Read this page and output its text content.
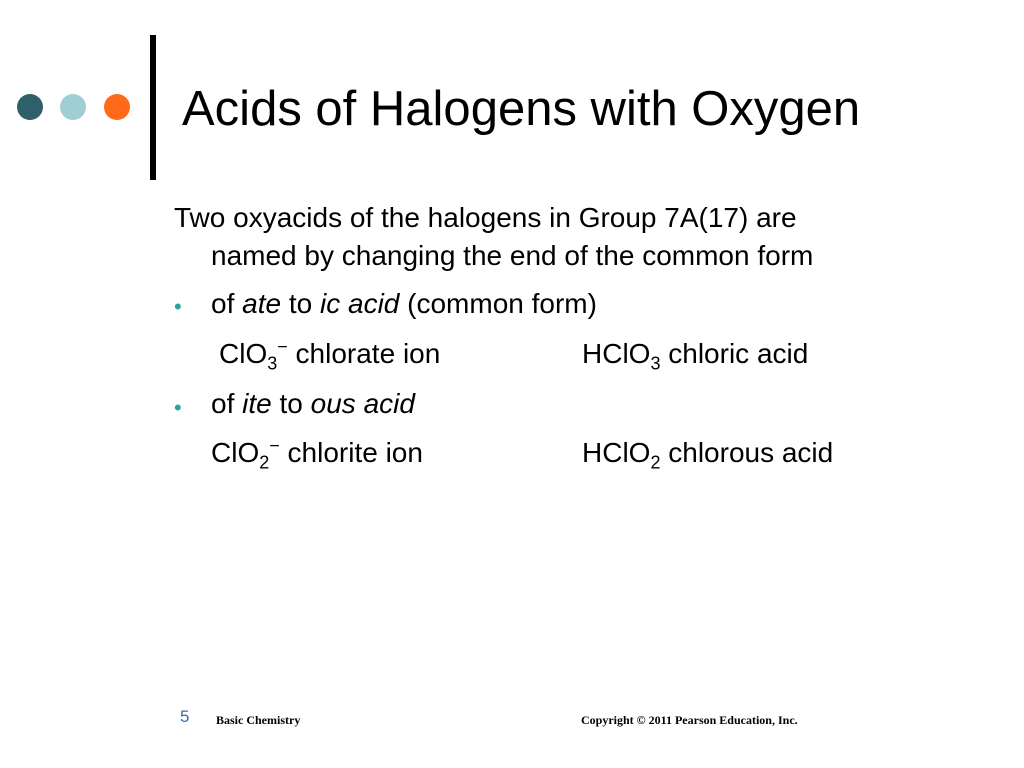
Acids of Halogens with Oxygen
Two oxyacids of the halogens in Group 7A(17) are
named by changing the end of the common form
• of ate to ic acid (common form)
ClO$_3$− chlorate ion	HClO$_3$ chloric acid
• of ite to ous acid
ClO$_2$− chlorite ion	HClO$_2$ chlorous acid
5 Basic Chemistry	Copyright © 2011 Pearson Education, Inc.
